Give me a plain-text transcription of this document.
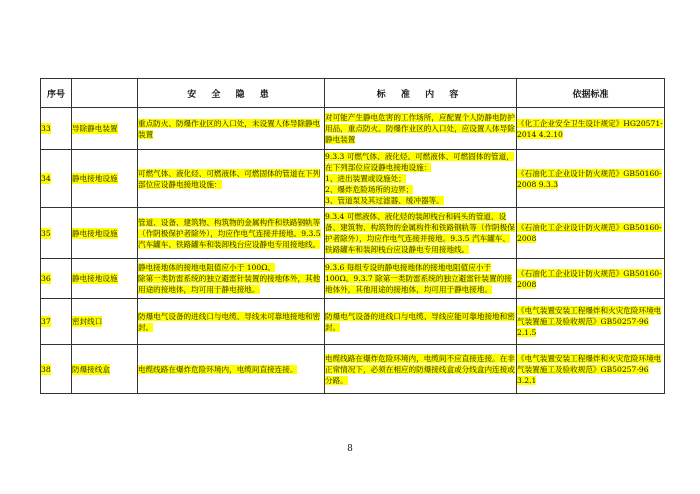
序号		安 全 隐 患	标 准 内 容	依据标准
33	导除静电装置	重点防火、防爆作业区的入口处，未设置人体导除静电装置	对可能产生静电危害的工作场所，应配置个人防静电防护用品，重点防火、防爆作业区的入口处，应设置人体导除静电装置	《化工企业安全卫生设计规定》HG20571-2014 4.2.10
34	静电接地设施	可燃气体、液化烃、可燃液体、可燃固体的管道在下列部位应设静电接地设施：	9.3.3 可燃气体、液化烃、可燃液体、可燃固体的管道，在下列部位应设静电接地设施：
1、进出装置或设施处；
2、爆炸危险场所的边界；
3、管道泵及其过滤器、缓冲器等。	《石油化工企业设计防火规范》GB50160-2008 9.3.3
35	静电接地设施	管道、设备、建筑物、构筑物的金属构件和铁路钢轨等（作阴极保护者除外），均应作电气连接并接地。9.3.5 汽车罐车、铁路罐车和装卸栈台应设静电专用接地线。	9.3.4 可燃液体、液化烃的装卸栈台和码头的管道、设备、建筑物、构筑物的金属构件和铁路钢轨等（作阴极保护者除外），均应作电气连接并接地。9.3.5 汽车罐车、铁路罐车和装卸栈台应设静电专用接地线。	《石油化工企业设计防火规范》GB50160-2008
36	静电接地设施	静电接地体的接地电阻值应小于 100Ω。
除第一类防雷系统的独立避雷针装置的接地体外，其他用途的接地体，均可用于静电接地。	9.3.6 每组专设的静电接地体的接地电阻值应小于100Ω。9.3.7 除第一类防雷系统的独立避雷针装置的接地体外，其他用途的接地体，均可用于静电接地。	《石油化工企业设计防火规范》GB50160-2008
37	密封线口	防爆电气设备的进线口与电缆、导线未可靠地接地和密封。	防爆电气设备的进线口与电缆、导线应能可靠地接地和密封。	《电气装置安装工程爆炸和火灾危险环境电气装置施工及验收规范》GB50257-96 2.1.5
38	防爆接线盒	电缆线路在爆炸危险环境内，电缆间直接连接。	电缆线路在爆炸危险环境内，电缆间不应直接连接。在非正常情况下，必须在相应的防爆接线盒或分线盒内连接或分路。	《电气装置安装工程爆炸和火灾危险环境电气装置施工及验收规范》GB50257-96 3.2.1
8
